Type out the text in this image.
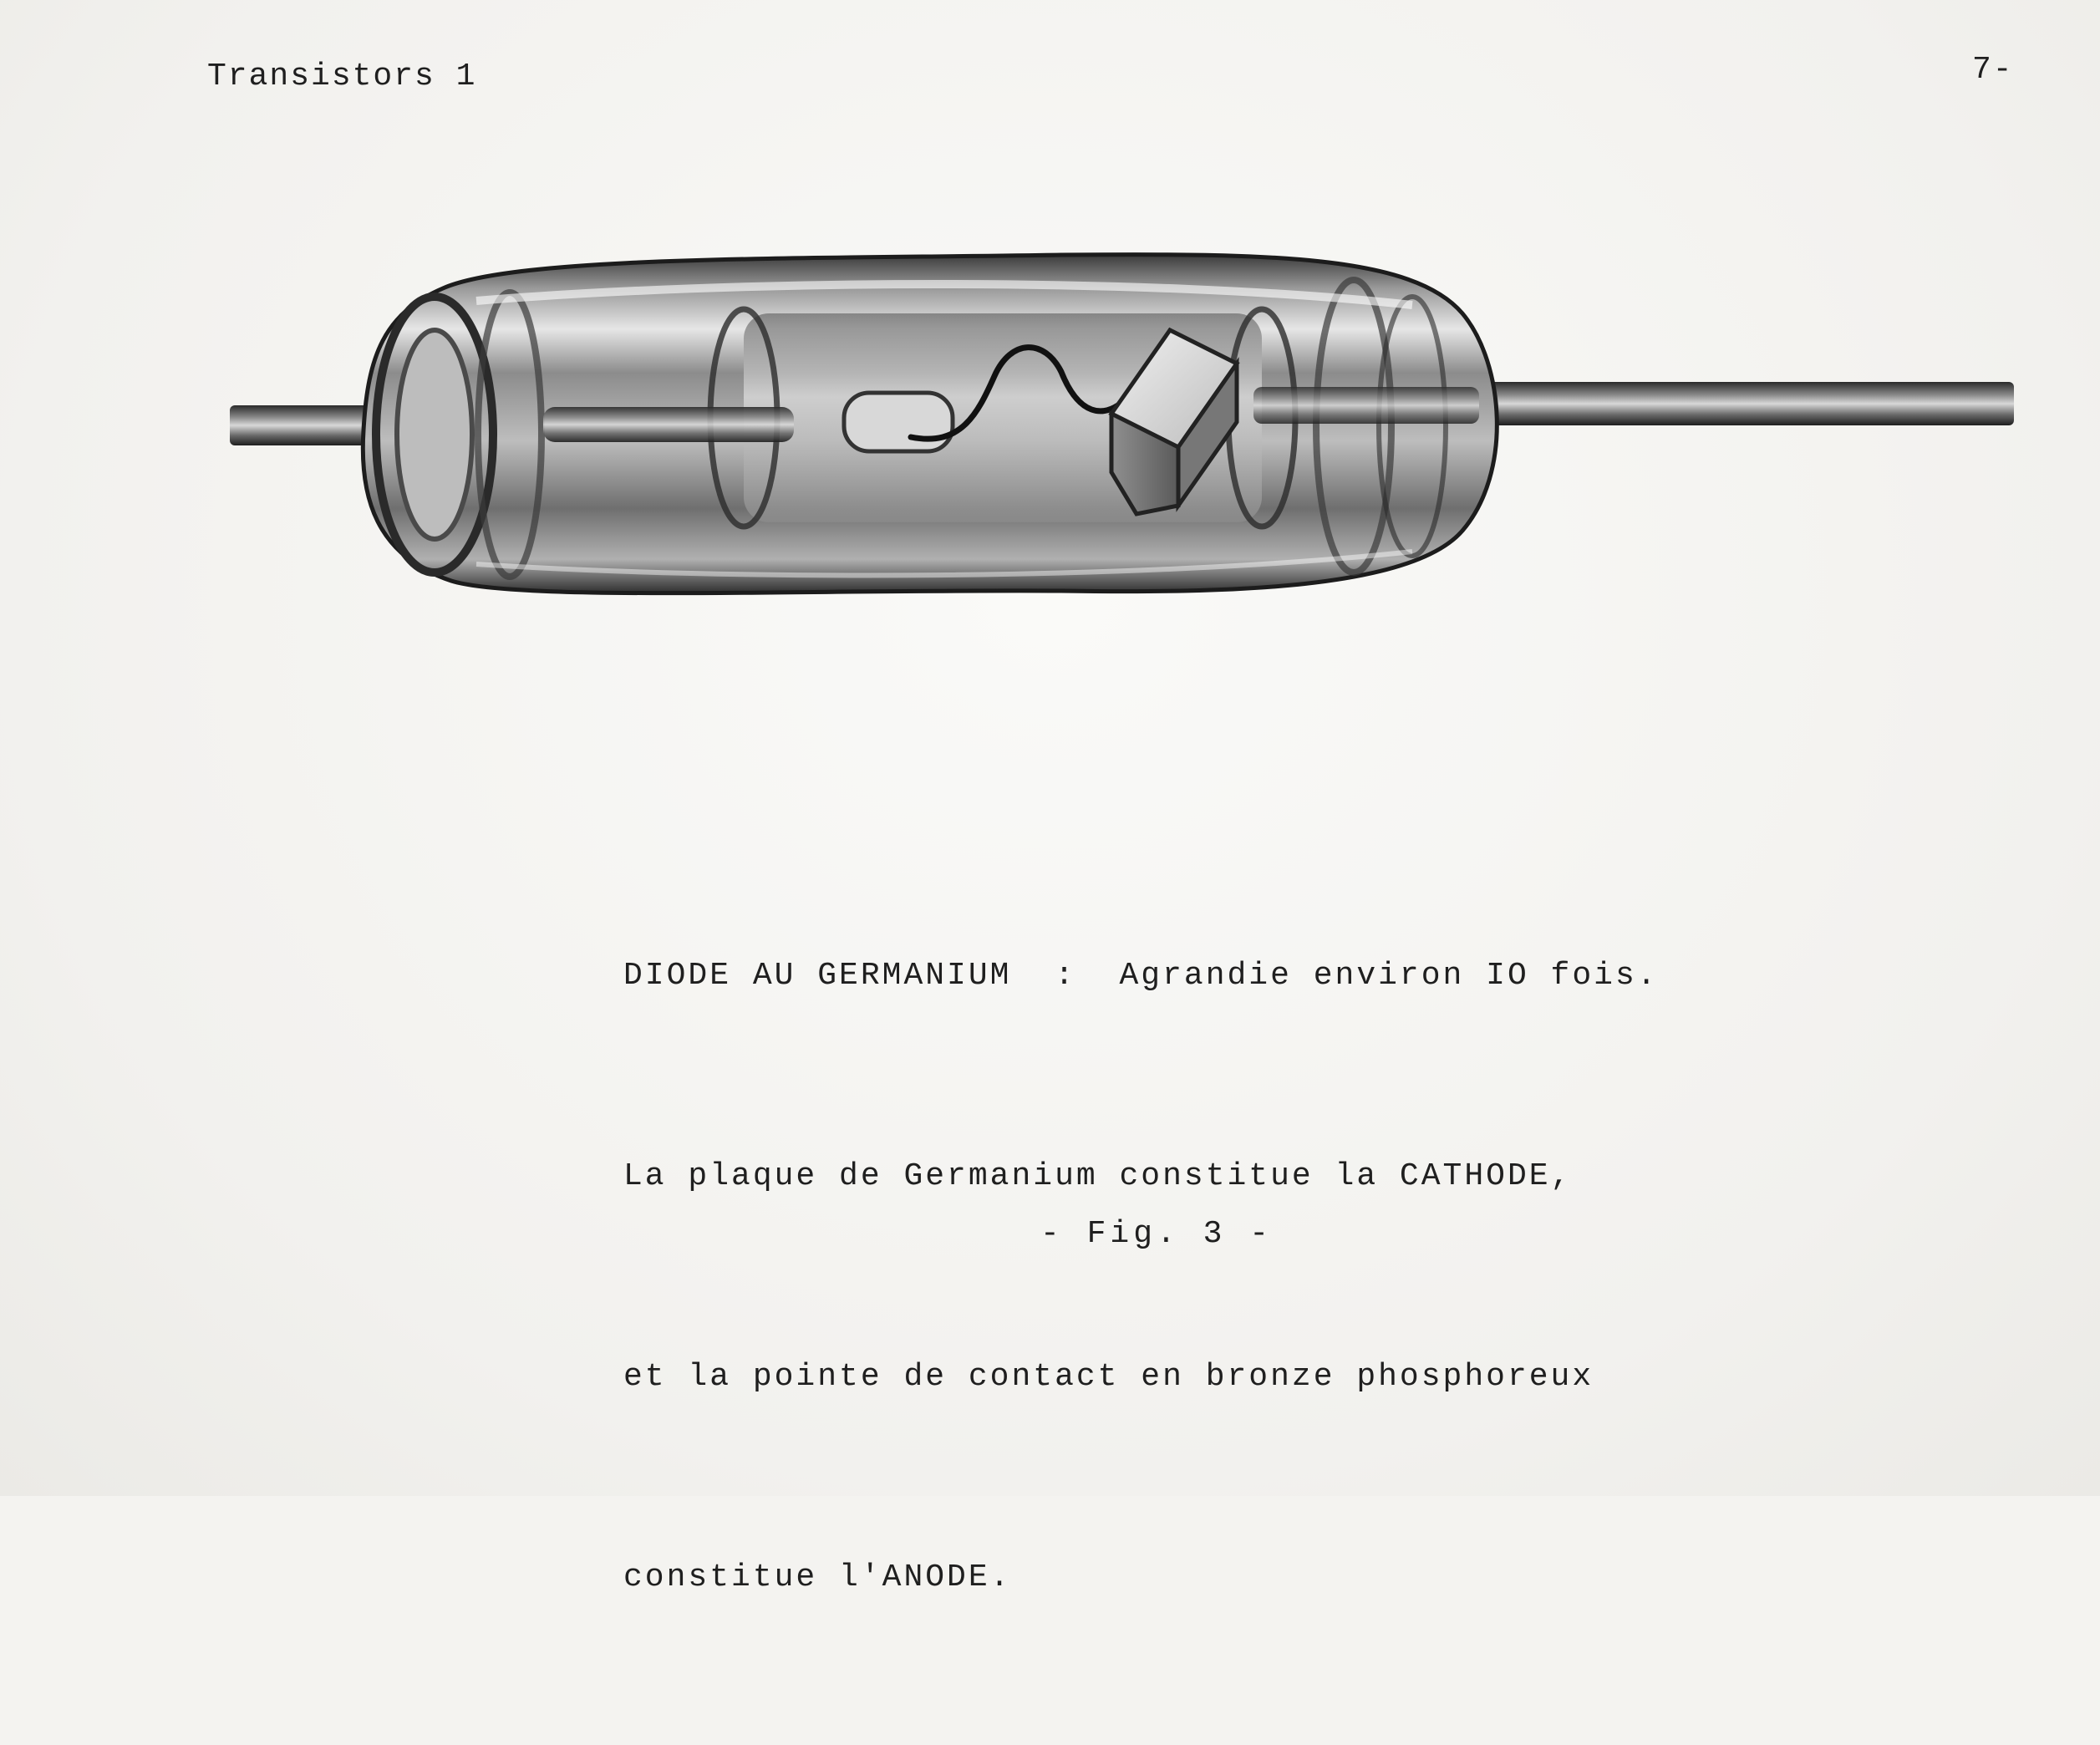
Transistors 1	7-

DIODE AU GERMANIUM  :  Agrandie environ IO fois.

La plaque de Germanium constitue la CATHODE,

et la pointe de contact en bronze phosphoreux

constitue l'ANODE.

- Fig. 3 -
